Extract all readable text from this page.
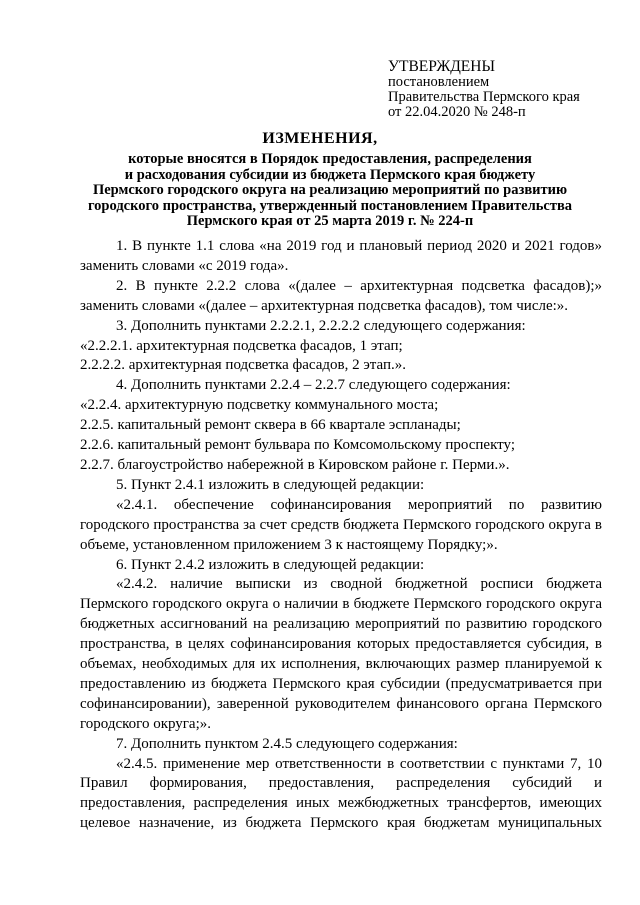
УТВЕРЖДЕНЫ
постановлением
Правительства Пермского края
от 22.04.2020 № 248-п
ИЗМЕНЕНИЯ,
которые вносятся в Порядок предоставления, распределения
и расходования субсидии из бюджета Пермского края бюджету
Пермского городского округа на реализацию мероприятий по развитию
городского пространства, утвержденный постановлением Правительства
Пермского края от 25 марта 2019 г. № 224-п

1. В пункте 1.1 слова «на 2019 год и плановый период 2020 и 2021 годов» заменить словами «с 2019 года».

2. В пункте 2.2.2 слова «(далее – архитектурная подсветка фасадов);» заменить словами «(далее – архитектурная подсветка фасадов), том числе:».

3. Дополнить пунктами 2.2.2.1, 2.2.2.2 следующего содержания:

«2.2.2.1. архитектурная подсветка фасадов, 1 этап;

2.2.2.2. архитектурная подсветка фасадов, 2 этап.».

4. Дополнить пунктами 2.2.4 – 2.2.7 следующего содержания:

«2.2.4. архитектурную подсветку коммунального моста;

2.2.5. капитальный ремонт сквера в 66 квартале эспланады;

2.2.6. капитальный ремонт бульвара по Комсомольскому проспекту;

2.2.7. благоустройство набережной в Кировском районе г. Перми.».

5. Пункт 2.4.1 изложить в следующей редакции:

«2.4.1. обеспечение софинансирования мероприятий по развитию городского пространства за счет средств бюджета Пермского городского округа в объеме, установленном приложением 3 к настоящему Порядку;».

6. Пункт 2.4.2 изложить в следующей редакции:

«2.4.2. наличие выписки из сводной бюджетной росписи бюджета Пермского городского округа о наличии в бюджете Пермского городского округа бюджетных ассигнований на реализацию мероприятий по развитию городского пространства, в целях софинансирования которых предоставляется субсидия, в объемах, необходимых для их исполнения, включающих размер планируемой к предоставлению из бюджета Пермского края субсидии (предусматривается при софинансировании), заверенной руководителем финансового органа Пермского городского округа;».

7. Дополнить пунктом 2.4.5 следующего содержания:

«2.4.5. применение мер ответственности в соответствии с пунктами 7, 10 Правил формирования, предоставления, распределения субсидий и предоставления, распределения иных межбюджетных трансфертов, имеющих целевое назначение, из бюджета Пермского края бюджетам муниципальных
